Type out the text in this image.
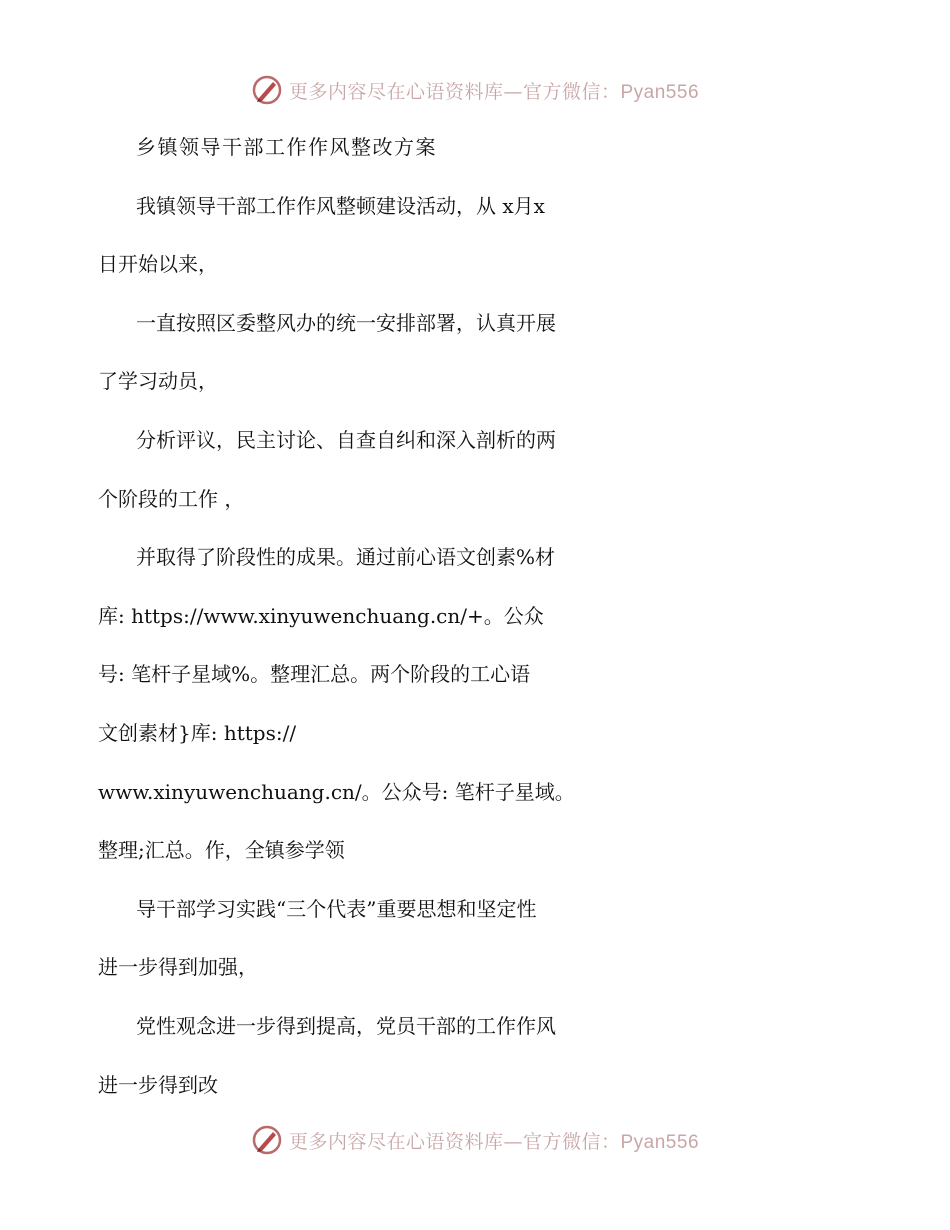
更多内容尽在心语资料库—官方微信：Pyan556
乡镇领导干部工作作风整改方案
我镇领导干部工作作风整顿建设活动，从 x月x
日开始以来，
一直按照区委整风办的统一安排部署，认真开展
了学习动员，
分析评议，民主讨论、自查自纠和深入剖析的两
个阶段的工作 ，
并取得了阶段性的成果。通过前心语文创素%材
库: https://www.xinyuwenchuang.cn/+。公众
号: 笔杆子星域%。整理汇总。两个阶段的工心语
文创素材}库: https://
www.xinyuwenchuang.cn/。公众号: 笔杆子星域。
整理;汇总。作，全镇参学领
导干部学习实践“三个代表”重要思想和坚定性
进一步得到加强，
党性观念进一步得到提高，党员干部的工作作风
进一步得到改
更多内容尽在心语资料库—官方微信：Pyan556
